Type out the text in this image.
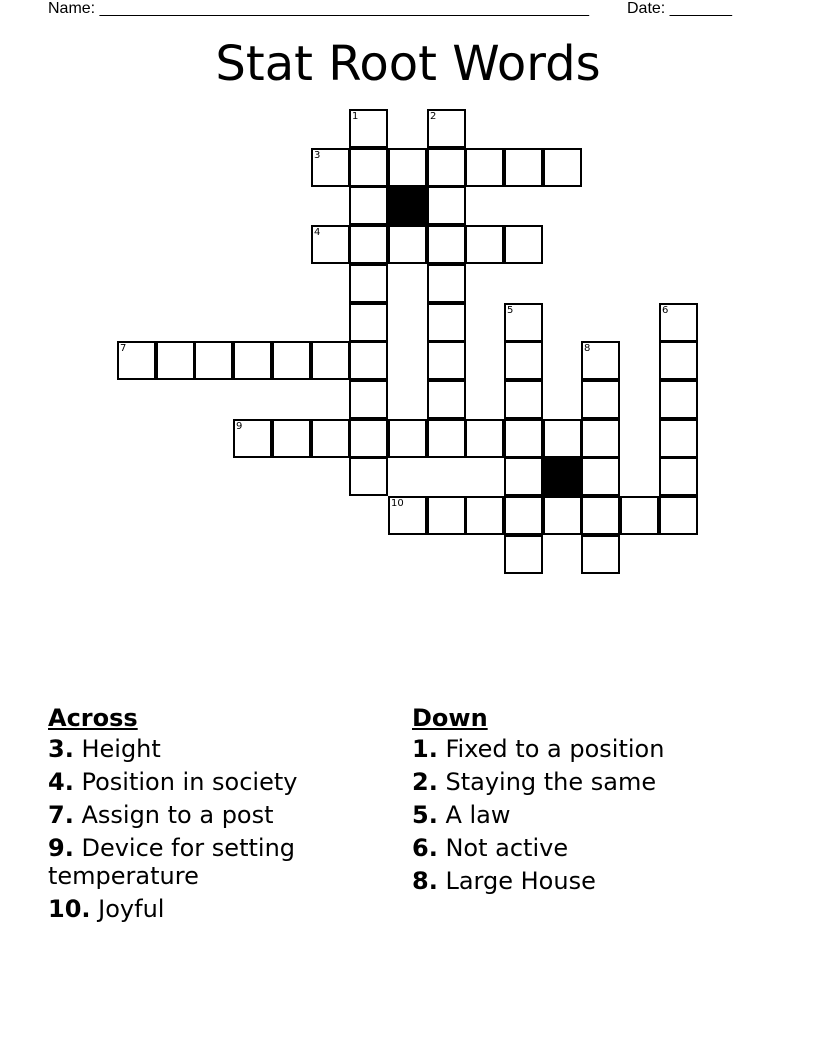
Name: _______________________________________________________ Date: _______
Stat Root Words
1	2
3
4
5	6
7	8
9
10
Across
3. Height
4. Position in society
7. Assign to a post
9. Device for setting temperature
10. Joyful
Down
1. Fixed to a position
2. Staying the same
5. A law
6. Not active
8. Large House
